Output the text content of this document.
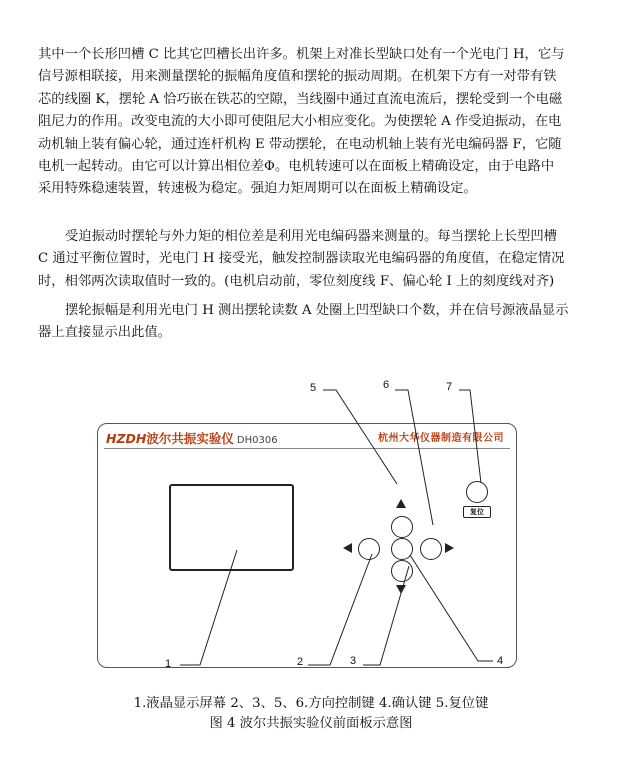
其中一个长形凹槽 C 比其它凹槽长出许多。机架上对准长型缺口处有一个光电门 H，它与
信号源相联接，用来测量摆轮的振幅角度值和摆轮的振动周期。在机架下方有一对带有铁
芯的线圈 K，摆轮 A 恰巧嵌在铁芯的空隙，当线圈中通过直流电流后，摆轮受到一个电磁
阻尼力的作用。改变电流的大小即可使阻尼大小相应变化。为使摆轮 A 作受迫振动，在电
动机轴上装有偏心轮，通过连杆机构 E 带动摆轮，在电动机轴上装有光电编码器 F，它随
电机一起转动。由它可以计算出相位差Φ。电机转速可以在面板上精确设定，由于电路中
采用特殊稳速装置，转速极为稳定。强迫力矩周期可以在面板上精确设定。
受迫振动时摆轮与外力矩的相位差是利用光电编码器来测量的。每当摆轮上长型凹槽
C 通过平衡位置时，光电门 H 接受光，触发控制器读取光电编码器的角度值，在稳定情况
时，相邻两次读取值时一致的。(电机启动前，零位刻度线 F、偏心轮 I 上的刻度线对齐)
摆轮振幅是利用光电门 H 测出摆轮读数 A 处圈上凹型缺口个数，并在信号源液晶显示
器上直接显示出此值。
HZDH波尔共振实验仪 DH0306	杭州大华仪器制造有限公司
复位
5	6	7
1	2	3	4
1.液晶显示屏幕 2、3、5、6.方向控制键 4.确认键 5.复位键
图 4 波尔共振实验仪前面板示意图
